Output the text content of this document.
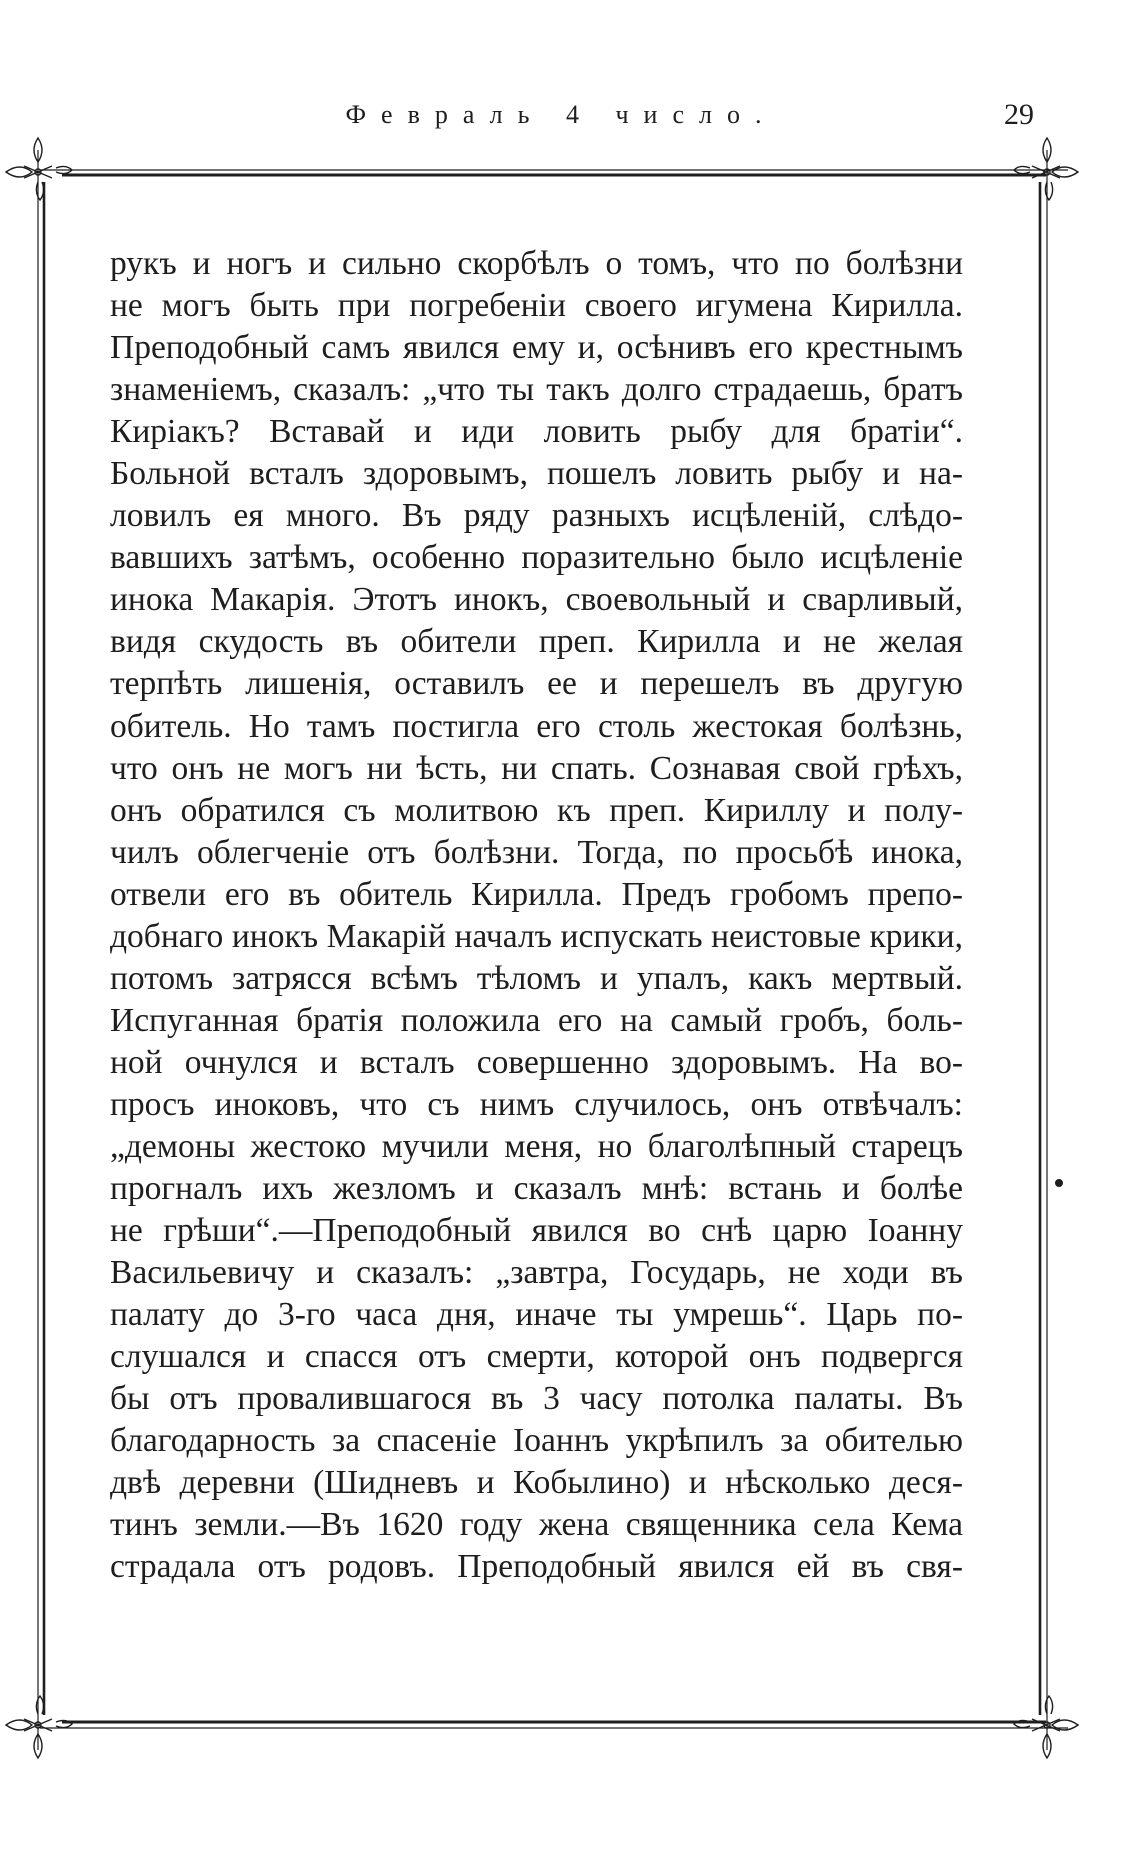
Февраль 4 число.	29
рукъ и ногъ и сильно скорбѣлъ о томъ, что по болѣзни
не могъ быть при погребеніи своего игумена Кирилла.
Преподобный самъ явился ему и, осѣнивъ его крестнымъ
знаменіемъ, сказалъ: „что ты такъ долго страдаешь, братъ
Киріакъ? Вставай и иди ловить рыбу для братіи“.
Больной всталъ здоровымъ, пошелъ ловить рыбу и на-
ловилъ ея много. Въ ряду разныхъ исцѣленій, слѣдо-
вавшихъ затѣмъ, особенно поразительно было исцѣленіе
инока Макарія. Этотъ инокъ, своевольный и сварливый,
видя скудость въ обители преп. Кирилла и не желая
терпѣть лишенія, оставилъ ее и перешелъ въ другую
обитель. Но тамъ постигла его столь жестокая болѣзнь,
что онъ не могъ ни ѣсть, ни спать. Сознавая свой грѣхъ,
онъ обратился съ молитвою къ преп. Кириллу и полу-
чилъ облегченіе отъ болѣзни. Тогда, по просьбѣ инока,
отвели его въ обитель Кирилла. Предъ гробомъ препо-
добнаго инокъ Макарій началъ испускать неистовые крики,
потомъ затрясся всѣмъ тѣломъ и упалъ, какъ мертвый.
Испуганная братія положила его на самый гробъ, боль-
ной очнулся и всталъ совершенно здоровымъ. На во-
просъ иноковъ, что съ нимъ случилось, онъ отвѣчалъ:
„демоны жестоко мучили меня, но благолѣпный старецъ
прогналъ ихъ жезломъ и сказалъ мнѣ: встань и болѣе
не грѣши“.—Преподобный явился во снѣ царю Іоанну
Васильевичу и сказалъ: „завтра, Государь, не ходи въ
палату до 3-го часа дня, иначе ты умрешь“. Царь по-
слушался и спасся отъ смерти, которой онъ подвергся
бы отъ провалившагося въ 3 часу потолка палаты. Въ
благодарность за спасеніе Іоаннъ укрѣпилъ за обителью
двѣ деревни (Шидневъ и Кобылино) и нѣсколько деся-
тинъ земли.—Въ 1620 году жена священника села Кема
страдала отъ родовъ. Преподобный явился ей въ свя-
